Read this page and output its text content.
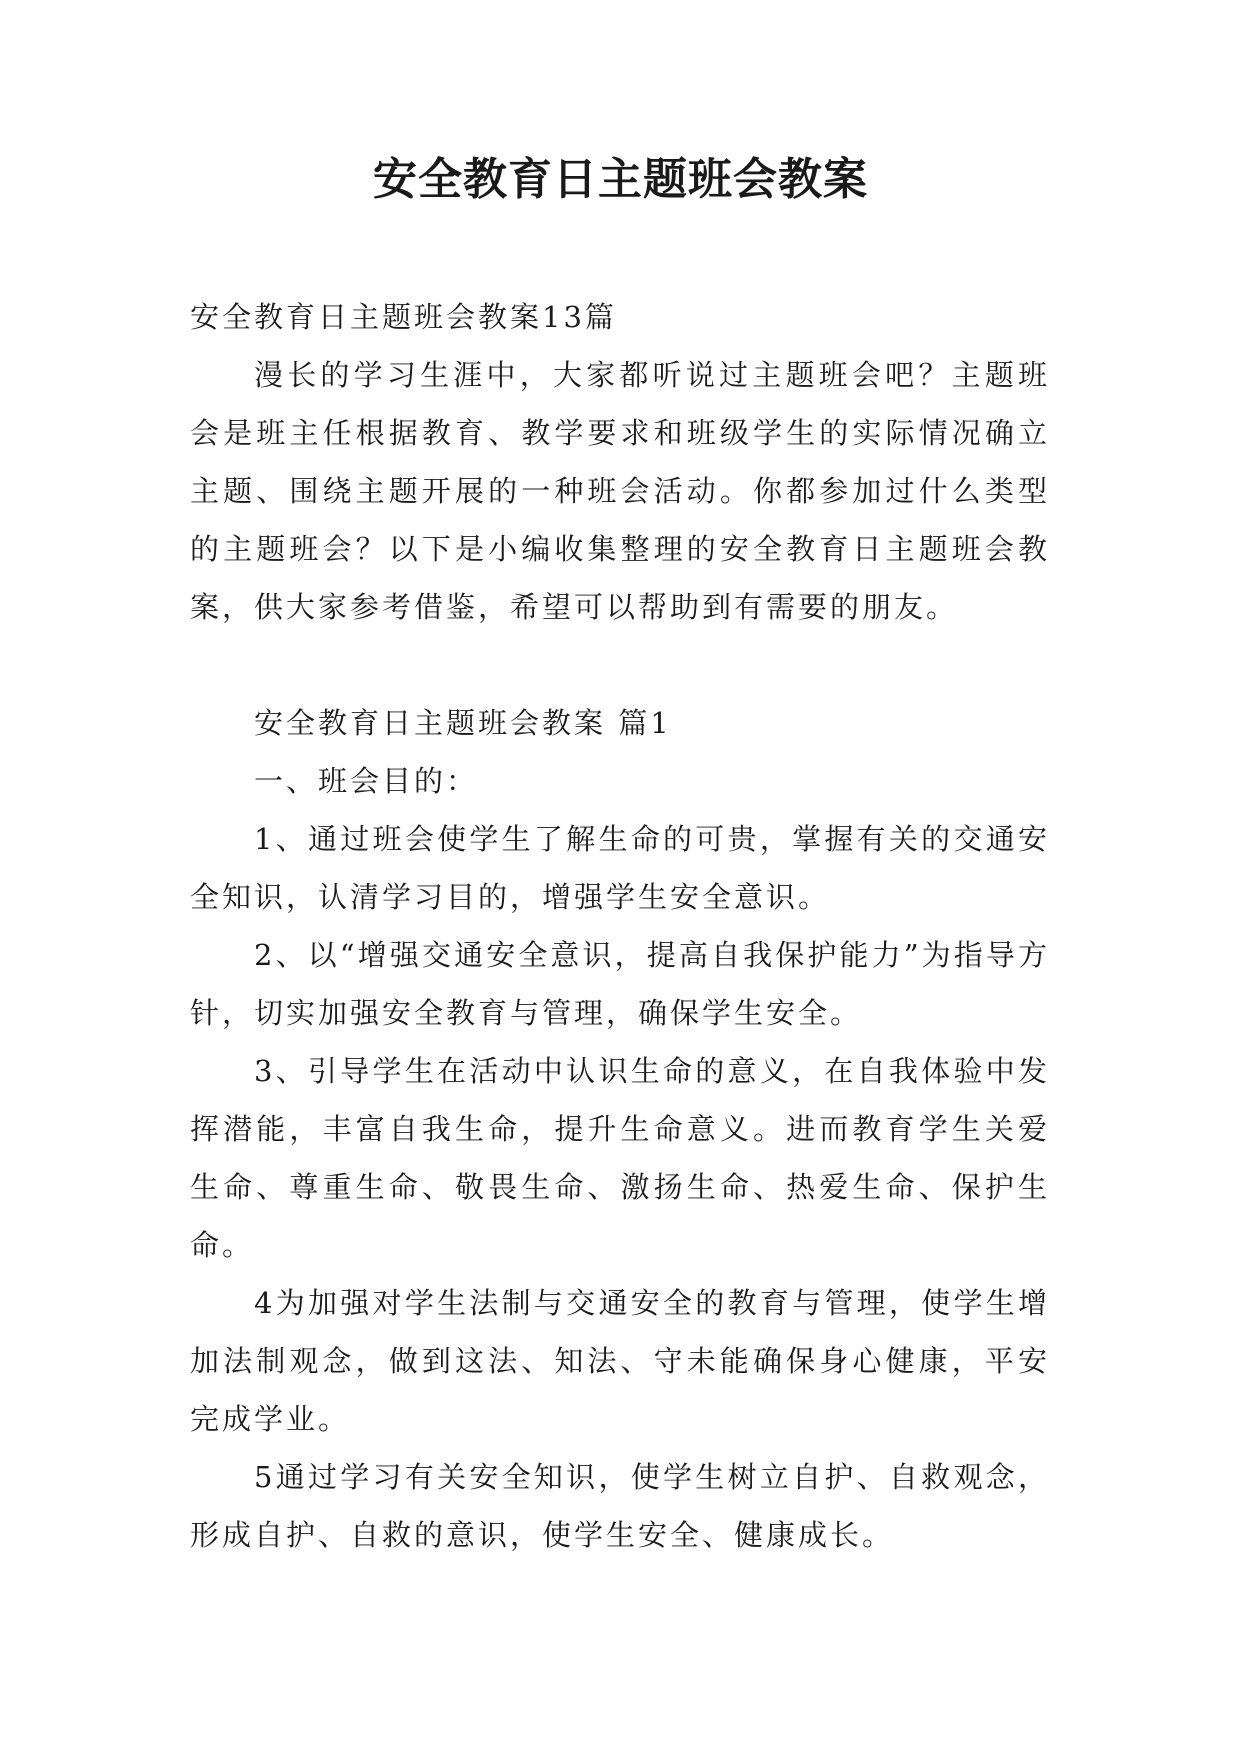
安全教育日主题班会教案

安全教育日主题班会教案13篇

漫长的学习生涯中，大家都听说过主题班会吧？主题班会是班主任根据教育、教学要求和班级学生的实际情况确立主题、围绕主题开展的一种班会活动。你都参加过什么类型的主题班会？以下是小编收集整理的安全教育日主题班会教案，供大家参考借鉴，希望可以帮助到有需要的朋友。

安全教育日主题班会教案 篇1

一、班会目的：

1、通过班会使学生了解生命的可贵，掌握有关的交通安全知识，认清学习目的，增强学生安全意识。

2、以“增强交通安全意识，提高自我保护能力”为指导方针，切实加强安全教育与管理，确保学生安全。

3、引导学生在活动中认识生命的意义，在自我体验中发挥潜能，丰富自我生命，提升生命意义。进而教育学生关爱生命、尊重生命、敬畏生命、激扬生命、热爱生命、保护生命。

4为加强对学生法制与交通安全的教育与管理，使学生增加法制观念，做到这法、知法、守未能确保身心健康，平安完成学业。

5通过学习有关安全知识，使学生树立自护、自救观念，形成自护、自救的意识，使学生安全、健康成长。
